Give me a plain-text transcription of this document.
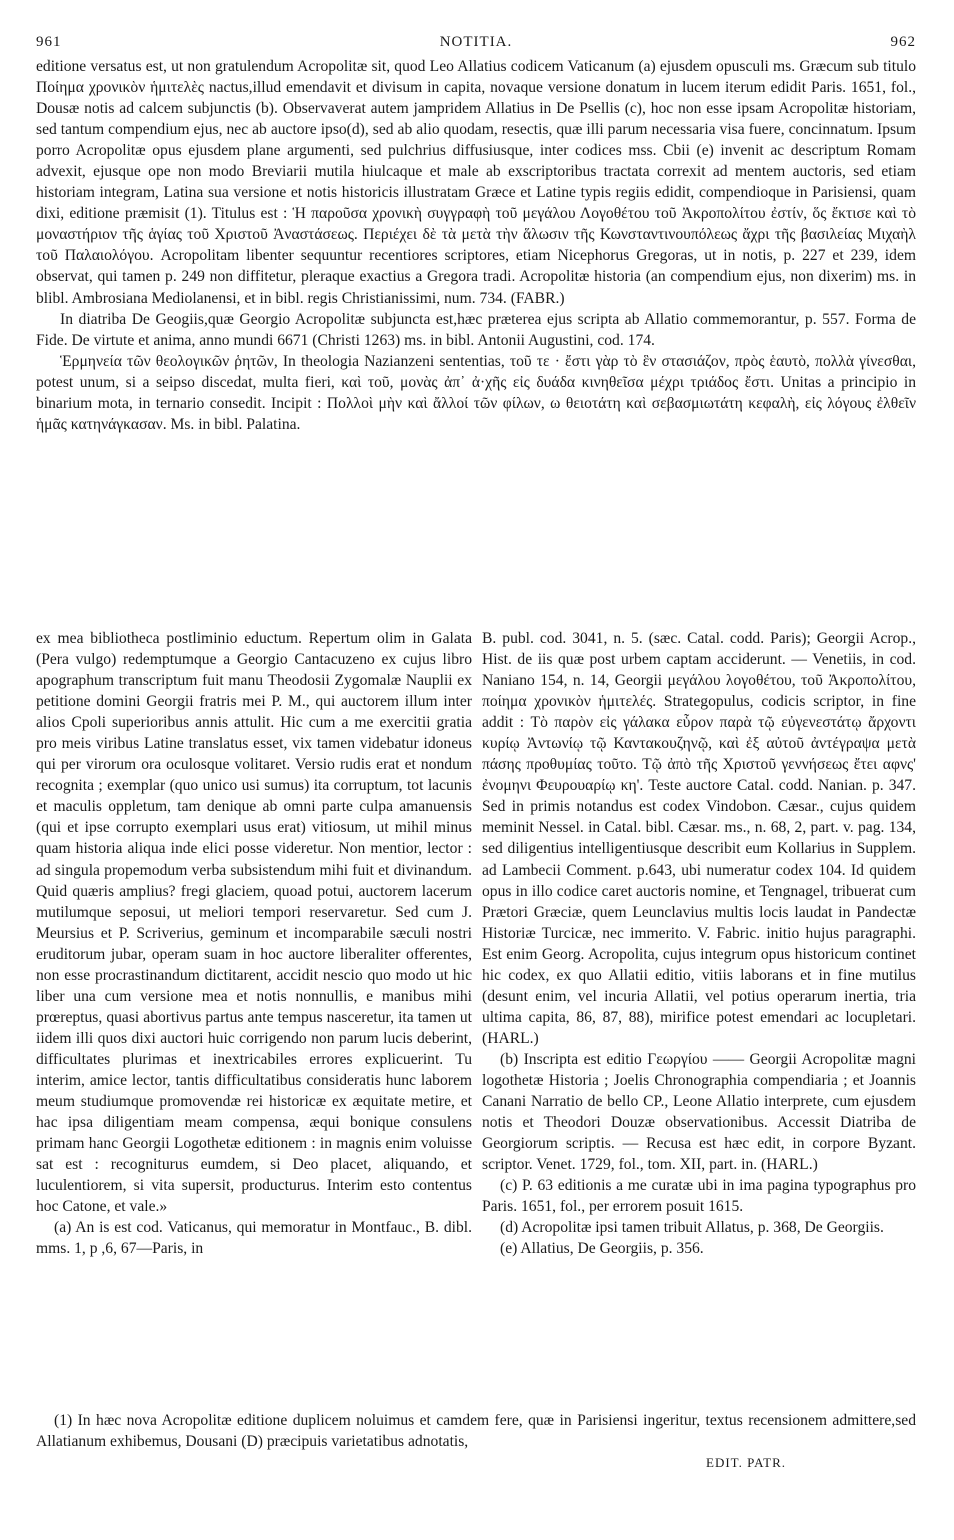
961	NOTITIA.	962

editione versatus est, ut non gratulendum Acropolitæ sit, quod Leo Allatius codicem Vaticanum (a) ejusdem opusculi ms. Græcum sub titulo Ποίημα χρονικὸν ἡμιτελὲς nactus,illud emendavit et divisum in capita, novaque versione donatum in lucem iterum edidit Paris. 1651, fol., Dousæ notis ad calcem subjunctis (b). Observaverat autem jampridem Allatius in De Psellis (c), hoc non esse ipsam Acropolitæ historiam, sed tantum compendium ejus, nec ab auctore ipso(d), sed ab alio quodam, resectis, quæ illi parum necessaria visa fuere, concinnatum. Ipsum porro Acropolitæ opus ejusdem plane argumenti, sed pulchrius diffusiusque, inter codices mss. Cbii (e) invenit ac descriptum Romam advexit, ejusque ope non modo Breviarii mutila hiulcaque et male ab exscriptoribus tractata correxit ad mentem auctoris, sed etiam historiam integram, Latina sua versione et notis historicis illustratam Græce et Latine typis regiis edidit, compendioque in Parisiensi, quam dixi, editione præmisit (1). Titulus est : Ἡ παροῦσα χρονικὴ συγγραφὴ τοῦ μεγάλου Λογοθέτου τοῦ Ἀκροπολίτου ἐστίν, ὅς ἔκτισε καὶ τὸ μοναστήριον τῆς ἁγίας τοῦ Χριστοῦ Ἀναστάσεως. Περιέχει δὲ τὰ μετὰ τὴν ἅλωσιν τῆς Κωνσταντινουπόλεως ἄχρι τῆς βασιλείας Μιχαὴλ τοῦ Παλαιολόγου. Acropolitam libenter sequuntur recentiores scriptores, etiam Nicephorus Gregoras, ut in notis, p. 227 et 239, idem observat, qui tamen p. 249 non diffitetur, pleraque exactius a Gregora tradi. Acropolitæ historia (an compendium ejus, non dixerim) ms. in blibl. Ambrosiana Mediolanensi, et in bibl. regis Christianissimi, num. 734. (FABR.)

In diatriba De Geogiis,quæ Georgio Acropolitæ subjuncta est,hæc præterea ejus scripta ab Allatio commemorantur, p. 557. Forma de Fide. De virtute et anima, anno mundi 6671 (Christi 1263) ms. in bibl. Antonii Augustini, cod. 174.

Ἑρμηνεία τῶν θεολογικῶν ῥητῶν, In theologia Nazianzeni sententias, τοῦ τε · ἔστι γὰρ τὸ ἓν στασιάζον, πρὸς ἑαυτὸ, πολλὰ γίνεσθαι, potest unum, si a seipso discedat, multa fieri, καὶ τοῦ, μονὰς ἀπ᾽ ἀ·χῆς εἰς δυάδα κινηθεῖσα μέχρι τριάδος ἔστι. Unitas a principio in binarium mota, in ternario consedit. Incipit : Πολλοὶ μὴν καὶ ἄλλοί τῶν φίλων, ω θειοτάτη καὶ σεβασμιωτάτη κεφαλὴ, εἰς λόγους ἐλθεῖν ἡμᾶς κατηνάγκασαν. Ms. in bibl. Palatina.

ex mea bibliotheca postliminio eductum. Repertum olim in Galata (Pera vulgo) redemptumque a Georgio Cantacuzeno ex cujus libro apographum transcriptum fuit manu Theodosii Zygomalæ Nauplii ex petitione domini Georgii fratris mei P. M., qui auctorem illum inter alios Cpoli superioribus annis attulit. Hic cum a me exercitii gratia pro meis viribus Latine translatus esset, vix tamen videbatur idoneus qui per virorum ora oculosque volitaret. Versio rudis erat et nondum recognita ; exemplar (quo unico usi sumus) ita corruptum, tot lacunis et maculis oppletum, tam denique ab omni parte culpa amanuensis (qui et ipse corrupto exemplari usus erat) vitiosum, ut mihil minus quam historia aliqua inde elici posse videretur. Non mentior, lector : ad singula propemodum verba subsistendum mihi fuit et divinandum. Quid quæris amplius? fregi glaciem, quoad potui, auctorem lacerum mutilumque seposui, ut meliori tempori reservaretur. Sed cum J. Meursius et P. Scriverius, geminum et incomparabile sæculi nostri eruditorum jubar, operam suam in hoc auctore liberaliter offerentes, non esse procrastinandum dictitarent, accidit nescio quo modo ut hic liber una cum versione mea et notis nonnullis, e manibus mihi prœreptus, quasi abortivus partus ante tempus nasceretur, ita tamen ut iidem illi quos dixi auctori huic corrigendo non parum lucis deberint, difficultates plurimas et inextricabiles errores explicuerint. Tu interim, amice lector, tantis difficultatibus consideratis hunc laborem meum studiumque promovendæ rei historicæ ex æquitate metire, et hac ipsa diligentiam meam compensa, æqui bonique consulens primam hanc Georgii Logothetæ editionem : in magnis enim voluisse sat est : recogniturus eumdem, si Deo placet, aliquando, et luculentiorem, si vita supersit, producturus. Interim esto contentus hoc Catone, et vale.»

(a) An is est cod. Vaticanus, qui memoratur in Montfauc., B. dibl. mms. 1, p ,6, 67—Paris, in

B. publ. cod. 3041, n. 5. (sæc. Catal. codd. Paris); Georgii Acrop., Hist. de iis quæ post urbem captam acciderunt. — Venetiis, in cod. Naniano 154, n. 14, Georgii μεγάλου λογοθέτου, τοῦ Ἀκροπολίτου, ποίημα χρονικὸν ἡμιτελές. Strategopulus, codicis scriptor, in fine addit : Τὸ παρὸν εἰς γάλακα εὗρον παρὰ τῷ εὐγενεστάτῳ ἄρχοντι κυρίῳ Ἀντωνίῳ τῷ Καντακουζηνῷ, καὶ ἐξ αὐτοῦ ἀντέγραψα μετὰ πάσης προθυμίας τοῦτο. Τῷ ἀπὸ τῆς Χριστοῦ γεννήσεως ἔτει αφνς' ἐνομηνι Φευρουαρίῳ κη'. Teste auctore Catal. codd. Nanian. p. 347. Sed in primis notandus est codex Vindobon. Cæsar., cujus quidem meminit Nessel. in Catal. bibl. Cæsar. ms., n. 68, 2, part. v. pag. 134, sed diligentius intelligentiusque describit eum Kollarius in Supplem. ad Lambecii Comment. p.643, ubi numeratur codex 104. Id quidem opus in illo codice caret auctoris nomine, et Tengnagel, tribuerat cum Prætori Græciæ, quem Leunclavius multis locis laudat in Pandectæ Historiæ Turcicæ, nec immerito. V. Fabric. initio hujus paragraphi. Est enim Georg. Acropolita, cujus integrum opus historicum continet hic codex, ex quo Allatii editio, vitiis laborans et in fine mutilus (desunt enim, vel incuria Allatii, vel potius operarum inertia, tria ultima capita, 86, 87, 88), mirifice potest emendari ac locupletari. (HARL.)

(b) Inscripta est editio Γεωργίου —— Georgii Acropolitæ magni logothetæ Historia ; Joelis Chronographia compendiaria ; et Joannis Canani Narratio de bello CP., Leone Allatio interprete, cum ejusdem notis et Theodori Douzæ observationibus. Accessit Diatriba de Georgiorum scriptis. — Recusa est hæc edit, in corpore Byzant. scriptor. Venet. 1729, fol., tom. XII, part. in. (HARL.)

(c) P. 63 editionis a me curatæ ubi in ima pagina typographus pro Paris. 1651, fol., per errorem posuit 1615.

(d) Acropolitæ ipsi tamen tribuit Allatus, p. 368, De Georgiis.

(e) Allatius, De Georgiis, p. 356.

(1) In hæc nova Acropolitæ editione duplicem noluimus et camdem fere, quæ in Parisiensi ingeritur, textus recensionem admittere,sed Allatianum exhibemus, Dousani (D) præcipuis varietatibus adnotatis,

EDIT. PATR.
